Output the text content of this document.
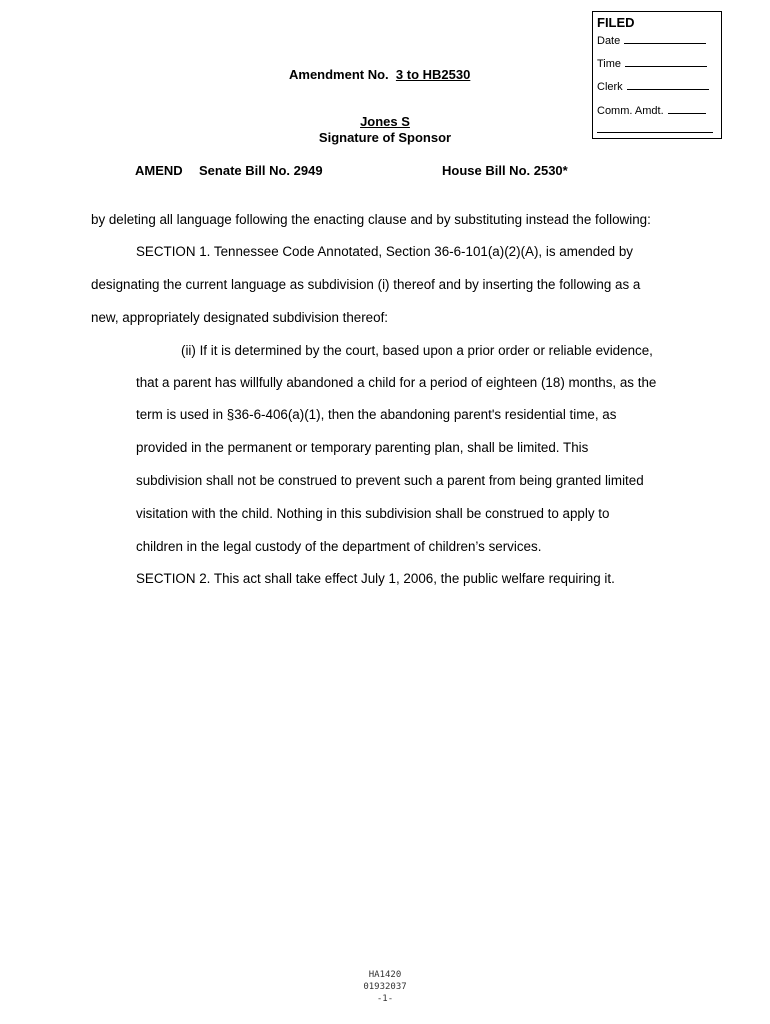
FILED
Date
Time
Clerk
Comm. Amdt.
Amendment No. 3 to HB2530
Jones S
Signature of Sponsor
AMEND Senate Bill No. 2949	House Bill No. 2530*
by deleting all language following the enacting clause and by substituting instead the following:
SECTION 1. Tennessee Code Annotated, Section 36-6-101(a)(2)(A), is amended by
designating the current language as subdivision (i) thereof and by inserting the following as a
new, appropriately designated subdivision thereof:
(ii) If it is determined by the court, based upon a prior order or reliable evidence,
that a parent has willfully abandoned a child for a period of eighteen (18) months, as the
term is used in §36-6-406(a)(1), then the abandoning parent's residential time, as
provided in the permanent or temporary parenting plan, shall be limited. This
subdivision shall not be construed to prevent such a parent from being granted limited
visitation with the child. Nothing in this subdivision shall be construed to apply to
children in the legal custody of the department of children’s services.
SECTION 2. This act shall take effect July 1, 2006, the public welfare requiring it.
HA1420
01932037
-1-
